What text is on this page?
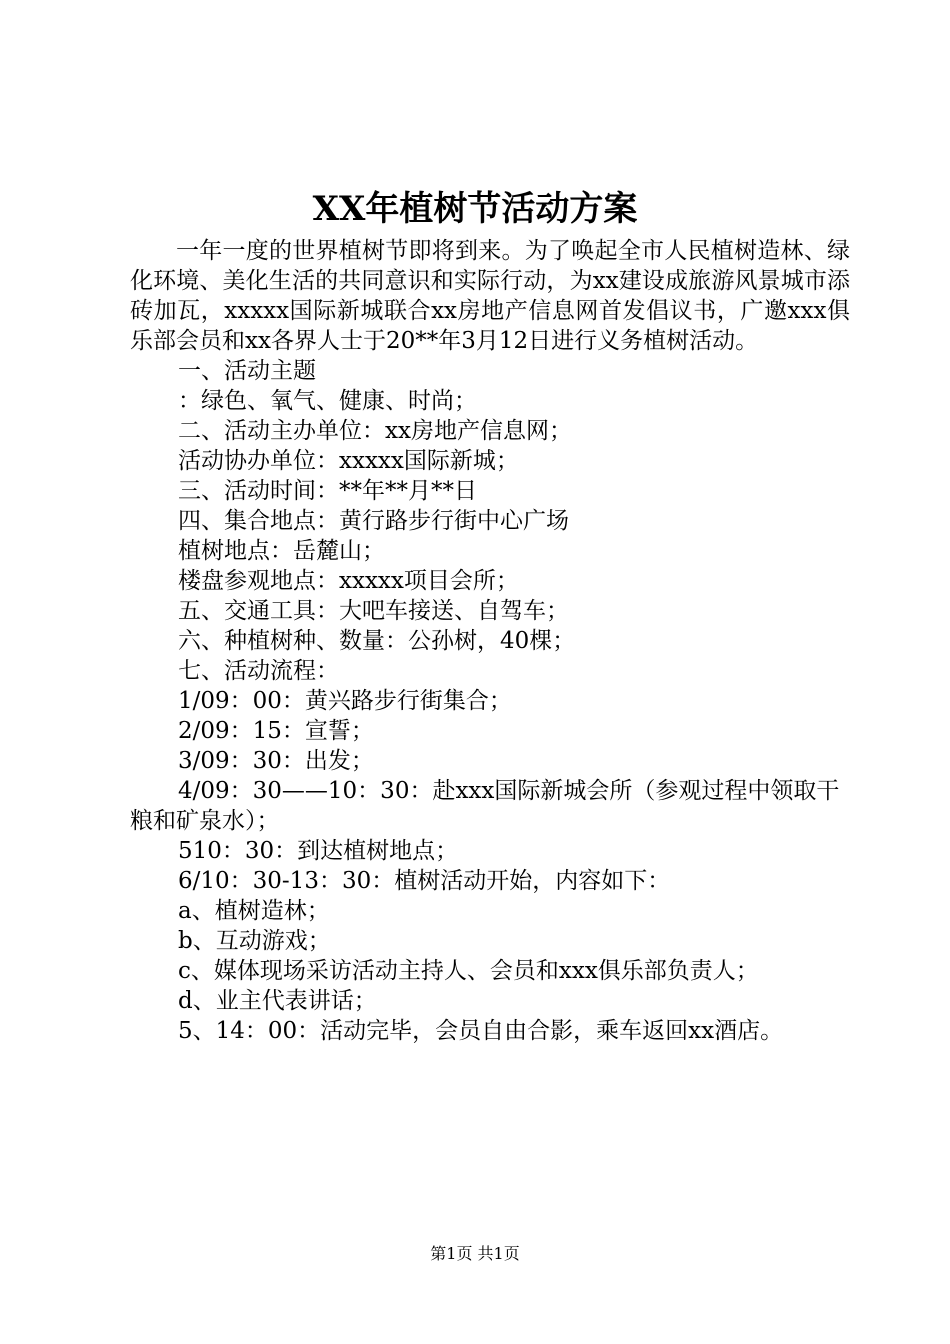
XX年植树节活动方案

一年一度的世界植树节即将到来。为了唤起全市人民植树造林、绿化环境、美化生活的共同意识和实际行动，为xx建设成旅游风景城市添砖加瓦，xxxxx国际新城联合xx房地产信息网首发倡议书，广邀xxx俱乐部会员和xx各界人士于20**年3月12日进行义务植树活动。

一、活动主题

：绿色、氧气、健康、时尚；

二、活动主办单位：xx房地产信息网；

活动协办单位：xxxxx国际新城；

三、活动时间：**年**月**日

四、集合地点：黄行路步行街中心广场

植树地点：岳麓山；

楼盘参观地点：xxxxx项目会所；

五、交通工具：大吧车接送、自驾车；

六、种植树种、数量：公孙树，40棵；

七、活动流程：

1/09：00：黄兴路步行街集合；

2/09：15：宣誓；

3/09：30：出发；

4/09：30——10：30：赴xxx国际新城会所（参观过程中领取干粮和矿泉水）；

510：30：到达植树地点；

6/10：30-13：30：植树活动开始，内容如下：

a、植树造林；

b、互动游戏；

c、媒体现场采访活动主持人、会员和xxx俱乐部负责人；

d、业主代表讲话；

5、14：00：活动完毕，会员自由合影，乘车返回xx酒店。

第1页 共1页
